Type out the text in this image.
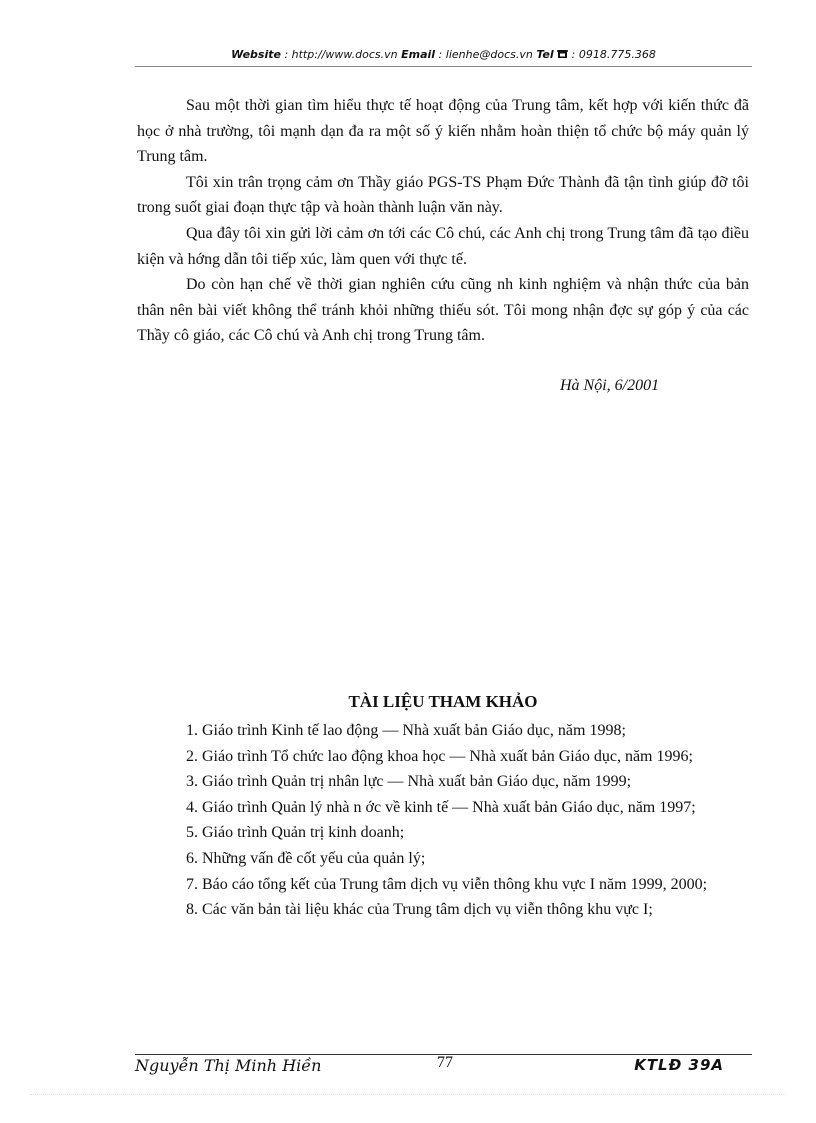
Website : http://www.docs.vn Email : lienhe@docs.vn Tel  : 0918.775.368

Sau một thời gian tìm hiểu thực tế hoạt động của Trung tâm, kết hợp với kiến thức đã học ở nhà trường, tôi mạnh dạn đa ra một số ý kiến nhằm hoàn thiện tổ chức bộ máy quản lý Trung tâm.

Tôi xin trân trọng cảm ơn Thầy giáo PGS-TS Phạm Đức Thành đã tận tình giúp đỡ tôi trong suốt giai đoạn thực tập và hoàn thành luận văn này.

Qua đây tôi xin gửi lời cảm ơn tới các Cô chú, các Anh chị trong Trung tâm đã tạo điều kiện và hớng dẫn tôi tiếp xúc, làm quen với thực tế.

Do còn hạn chế về thời gian nghiên cứu cũng nh kinh nghiệm và nhận thức của bản thân nên bài viết không thể tránh khỏi những thiếu sót. Tôi mong nhận đợc sự góp ý của các Thầy cô giáo, các Cô chú và Anh chị trong Trung tâm.

Hà Nội, 6/2001
TÀI LIỆU THAM KHẢO

1. Giáo trình Kinh tế lao động — Nhà xuất bản Giáo dục, năm 1998;

2. Giáo trình Tổ chức lao động khoa học — Nhà xuất bản Giáo dục, năm 1996;

3. Giáo trình Quản trị nhân lực — Nhà xuất bản Giáo dục, năm 1999;

4. Giáo trình Quản lý nhà n ớc về kinh tế — Nhà xuất bản Giáo dục, năm 1997;

5. Giáo trình Quản trị kinh doanh;

6. Những vấn đề cốt yếu của quản lý;

7. Báo cáo tổng kết của Trung tâm dịch vụ viễn thông khu vực I năm 1999, 2000;

8. Các văn bản tài liệu khác của Trung tâm dịch vụ viễn thông khu vực I;

Nguyễn Thị Minh Hiền	77	KTLĐ 39A
